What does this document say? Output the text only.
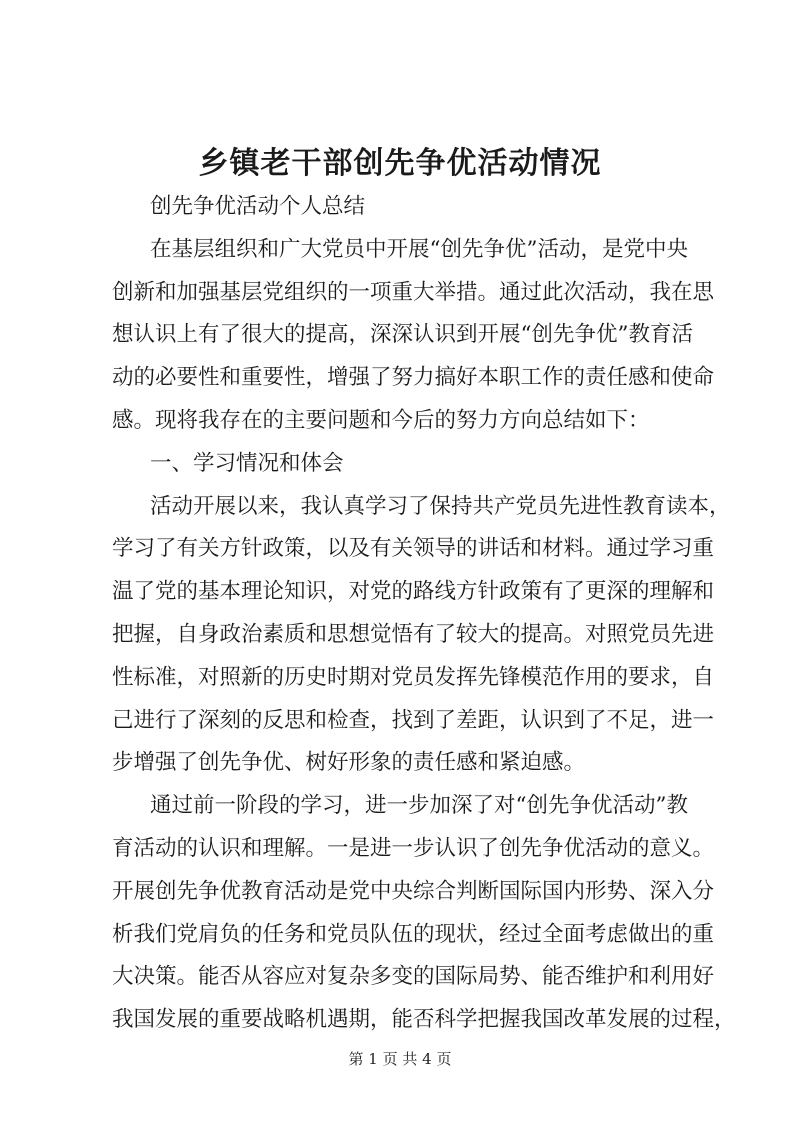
乡镇老干部创先争优活动情况
创先争优活动个人总结
在基层组织和广大党员中开展“创先争优”活动，是党中央
创新和加强基层党组织的一项重大举措。通过此次活动，我在思
想认识上有了很大的提高，深深认识到开展“创先争优”教育活
动的必要性和重要性，增强了努力搞好本职工作的责任感和使命
感。现将我存在的主要问题和今后的努力方向总结如下：
一、学习情况和体会
活动开展以来，我认真学习了保持共产党员先进性教育读本，
学习了有关方针政策，以及有关领导的讲话和材料。通过学习重
温了党的基本理论知识，对党的路线方针政策有了更深的理解和
把握，自身政治素质和思想觉悟有了较大的提高。对照党员先进
性标准，对照新的历史时期对党员发挥先锋模范作用的要求，自
己进行了深刻的反思和检查，找到了差距，认识到了不足，进一
步增强了创先争优、树好形象的责任感和紧迫感。
通过前一阶段的学习，进一步加深了对“创先争优活动”教
育活动的认识和理解。一是进一步认识了创先争优活动的意义。
开展创先争优教育活动是党中央综合判断国际国内形势、深入分
析我们党肩负的任务和党员队伍的现状，经过全面考虑做出的重
大决策。能否从容应对复杂多变的国际局势、能否维护和利用好
我国发展的重要战略机遇期，能否科学把握我国改革发展的过程，
第 1 页 共 4 页
